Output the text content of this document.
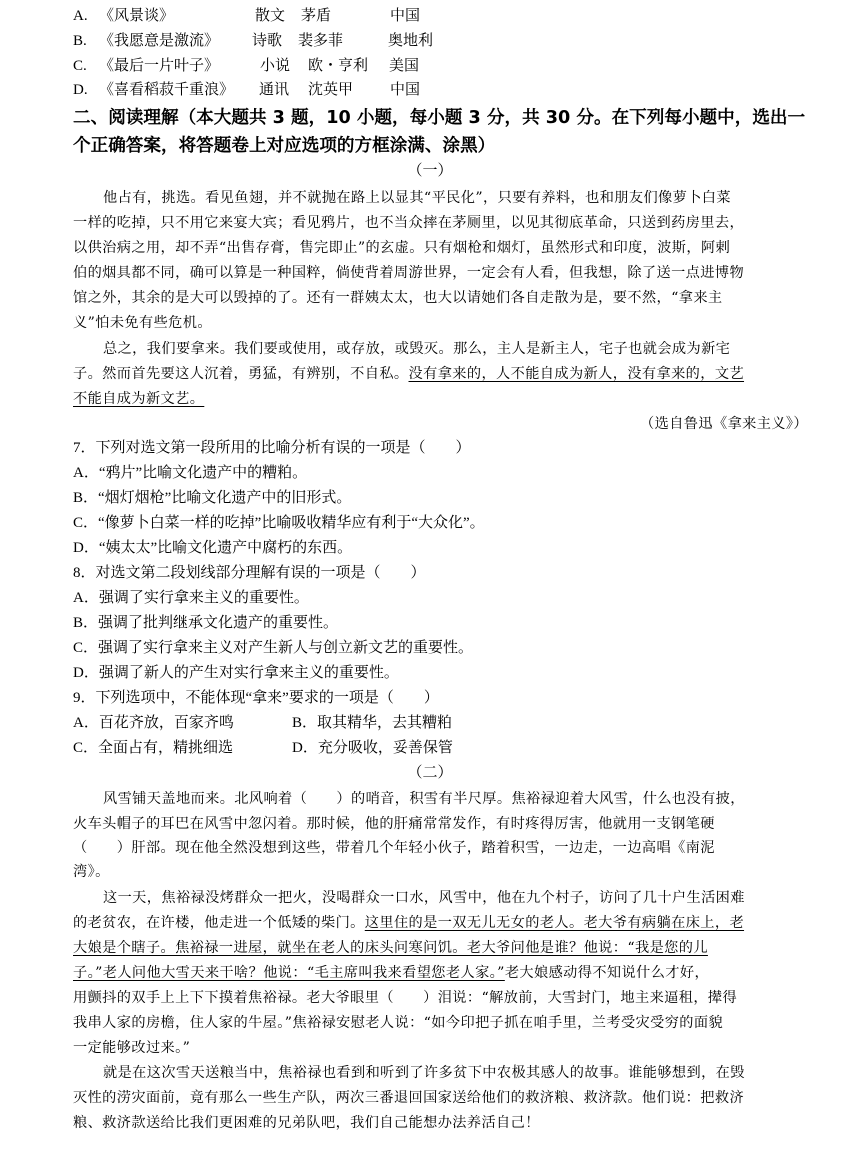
A. 《风景谈》	散文 茅盾	中国
B. 《我愿意是激流》 诗歌 裴多菲	奥地利
C. 《最后一片叶子》	小说 欧・亨利 美国
D. 《喜看稻菽千重浪》 通讯 沈英甲 中国
二、阅读理解（本大题共 3 题，10 小题，每小题 3 分，共 30 分。在下列每小题中，选出一
个正确答案，将答题卷上对应选项的方框涂满、涂黑）
（一）
他占有，挑选。看见鱼翅，并不就抛在路上以显其“平民化”，只要有养料，也和朋友们像萝卜白菜
一样的吃掉，只不用它来宴大宾；看见鸦片，也不当众摔在茅厕里，以见其彻底革命，只送到药房里去，
以供治病之用，却不弄“出售存膏，售完即止”的玄虚。只有烟枪和烟灯，虽然形式和印度，波斯，阿剌
伯的烟具都不同，确可以算是一种国粹，倘使背着周游世界，一定会有人看，但我想，除了送一点进博物
馆之外，其余的是大可以毁掉的了。还有一群姨太太，也大以请她们各自走散为是，要不然，“拿来主
义”怕未免有些危机。
总之，我们要拿来。我们要或使用，或存放，或毁灭。那么，主人是新主人，宅子也就会成为新宅
子。然而首先要这人沉着，勇猛，有辨别，不自私。没有拿来的，人不能自成为新人，没有拿来的，文艺
不能自成为新文艺。
（选自鲁迅《拿来主义》）
7．下列对选文第一段所用的比喻分析有误的一项是（　　）
A．“鸦片”比喻文化遗产中的糟粕。
B．“烟灯烟枪”比喻文化遗产中的旧形式。
C．“像萝卜白菜一样的吃掉”比喻吸收精华应有利于“大众化”。
D．“姨太太”比喻文化遗产中腐朽的东西。
8．对选文第二段划线部分理解有误的一项是（　　）
A．强调了实行拿来主义的重要性。
B．强调了批判继承文化遗产的重要性。
C．强调了实行拿来主义对产生新人与创立新文艺的重要性。
D．强调了新人的产生对实行拿来主义的重要性。
9．下列选项中，不能体现“拿来”要求的一项是（　　）
A．百花齐放，百家齐鸣	B．取其精华，去其糟粕
C．全面占有，精挑细选	D．充分吸收，妥善保管
（二）
风雪铺天盖地而来。北风响着（　　）的哨音，积雪有半尺厚。焦裕禄迎着大风雪，什么也没有披，
火车头帽子的耳巴在风雪中忽闪着。那时候，他的肝痛常常发作，有时疼得厉害，他就用一支钢笔硬
（　　）肝部。现在他全然没想到这些，带着几个年轻小伙子，踏着积雪，一边走，一边高唱《南泥
湾》。
这一天，焦裕禄没烤群众一把火，没喝群众一口水，风雪中，他在九个村子，访问了几十户生活困难
的老贫农，在许楼，他走进一个低矮的柴门。这里住的是一双无儿无女的老人。老大爷有病躺在床上，老
大娘是个瞎子。焦裕禄一进屋，就坐在老人的床头问寒问饥。老大爷问他是谁？他说：“我是您的儿
子。”老人问他大雪天来干啥？他说：“毛主席叫我来看望您老人家。”老大娘感动得不知说什么才好，
用颤抖的双手上上下下摸着焦裕禄。老大爷眼里（　　）泪说：“解放前，大雪封门，地主来逼租，撵得
我串人家的房檐，住人家的牛屋。”焦裕禄安慰老人说：“如今印把子抓在咱手里，兰考受灾受穷的面貌
一定能够改过来。”
就是在这次雪天送粮当中，焦裕禄也看到和听到了许多贫下中农极其感人的故事。谁能够想到，在毁
灭性的涝灾面前，竟有那么一些生产队，两次三番退回国家送给他们的救济粮、救济款。他们说：把救济
粮、救济款送给比我们更困难的兄弟队吧，我们自己能想办法养活自己！
